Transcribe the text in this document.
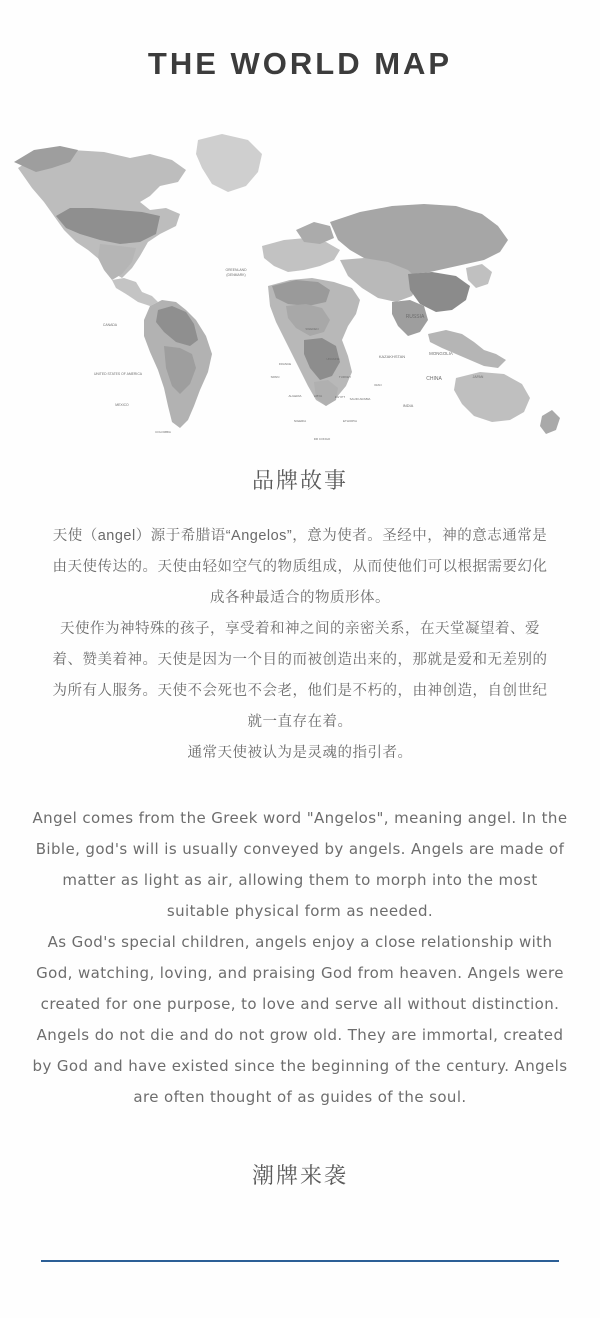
THE WORLD MAP
GREENLAND
(DENMARK)
CANADA
UNITED STATES OF AMERICA
MEXICO
RUSSIA
KAZAKHSTAN
MONGOLIA
CHINA
INDIA
JAPAN
COLOMBIA
ALGERIA	LIBYA	EGYPT
NIGERIA
DR CONGO
ETHIOPIA
SAUDI ARABIA
IRAN
TURKEY
FRANCE
SPAIN
SWEDEN
UKRAINE
品牌故事

天使（angel）源于希腊语“Angelos”，意为使者。圣经中，神的意志通常是由天使传达的。天使由轻如空气的物质组成，从而使他们可以根据需要幻化成各种最适合的物质形体。

天使作为神特殊的孩子，享受着和神之间的亲密关系，在天堂凝望着、爱着、赞美着神。天使是因为一个目的而被创造出来的，那就是爱和无差别的为所有人服务。天使不会死也不会老，他们是不朽的，由神创造，自创世纪就一直存在着。

通常天使被认为是灵魂的指引者。

Angel comes from the Greek word "Angelos", meaning angel. In the Bible, god's will is usually conveyed by angels. Angels are made of matter as light as air, allowing them to morph into the most suitable physical form as needed.

As God's special children, angels enjoy a close relationship with God, watching, loving, and praising God from heaven. Angels were created for one purpose, to love and serve all without distinction. Angels do not die and do not grow old. They are immortal, created by God and have existed since the beginning of the century. Angels are often thought of as guides of the soul.

潮牌来袭
